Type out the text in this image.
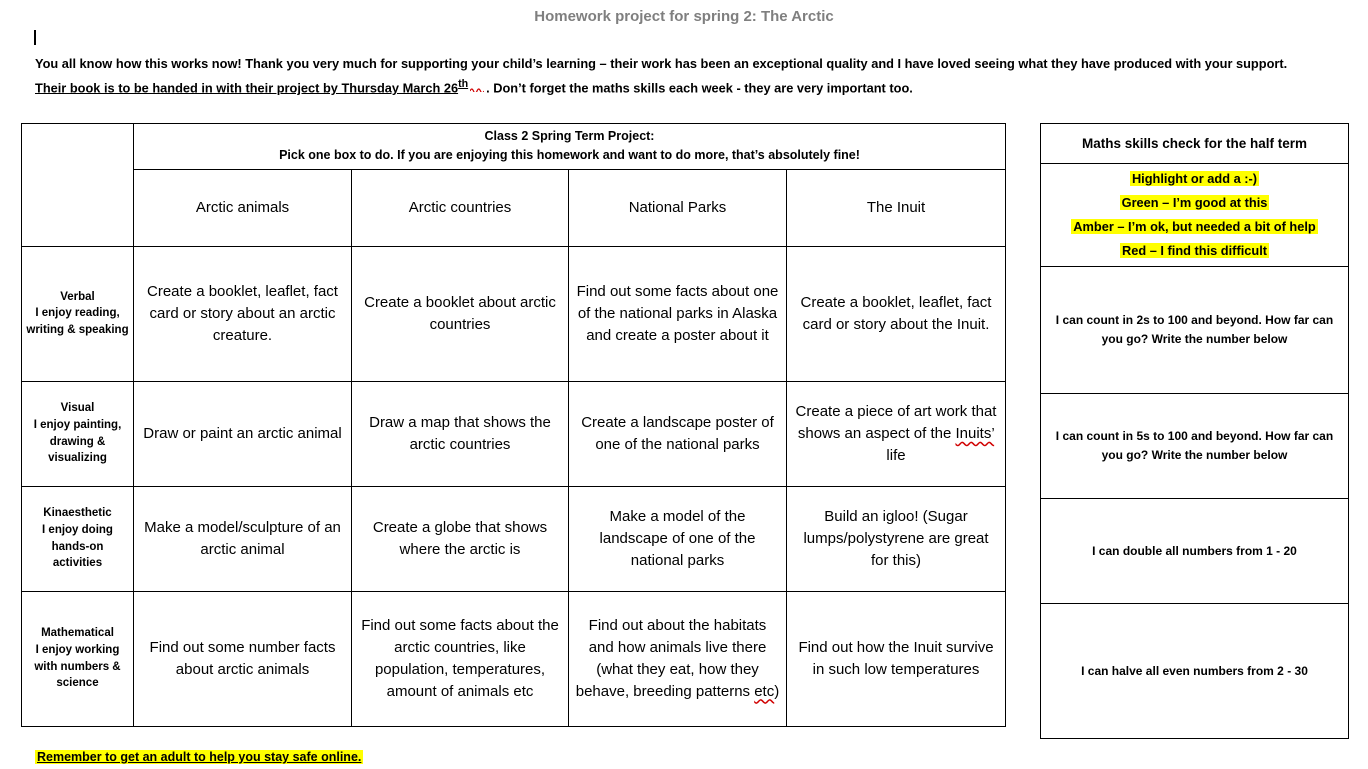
Homework project for spring 2: The Arctic
You all know how this works now! Thank you very much for supporting your child’s learning – their work has been an exceptional quality and I have loved seeing what they have produced with your support.
Their book is to be handed in with their project by Thursday March 26th . Don’t forget the maths skills each week - they are very important too.

	Class 2 Spring Term Project:
Pick one box to do. If you are enjoying this homework and want to do more, that’s absolutely fine!			

	Arctic animals	Arctic countries	National Parks	The Inuit

Verbal
I enjoy reading, writing & speaking	Create a booklet, leaflet, fact card or story about an arctic creature.	Create a booklet about arctic countries	Find out some facts about one of the national parks in Alaska and create a poster about it	Create a booklet, leaflet, fact card or story about the Inuit.

Visual
I enjoy painting, drawing & visualizing	Draw or paint an arctic animal	Draw a map that shows the arctic countries	Create a landscape poster of one of the national parks	Create a piece of art work that shows an aspect of the Inuits’ life

Kinaesthetic
I enjoy doing hands-on activities	Make a model/sculpture of an arctic animal	Create a globe that shows where the arctic is	Make a model of the landscape of one of the national parks	Build an igloo! (Sugar lumps/polystyrene are great for this)

Mathematical
I enjoy working with numbers & science	Find out some number facts about arctic animals	Find out some facts about the arctic countries, like population, temperatures, amount of animals etc	Find out about the habitats and how animals live there (what they eat, how they behave, breeding patterns etc)	Find out how the Inuit survive in such low temperatures
Maths skills check for the half term

Highlight or add a :-)
Green – I’m good at this
Amber – I’m ok, but needed a bit of help
Red – I find this difficult

I can count in 2s to 100 and beyond. How far can you go? Write the number below
I can count in 5s to 100 and beyond. How far can you go? Write the number below
I can double all numbers from 1 - 20
I can halve all even numbers from 2 - 30
Remember to get an adult to help you stay safe online.
